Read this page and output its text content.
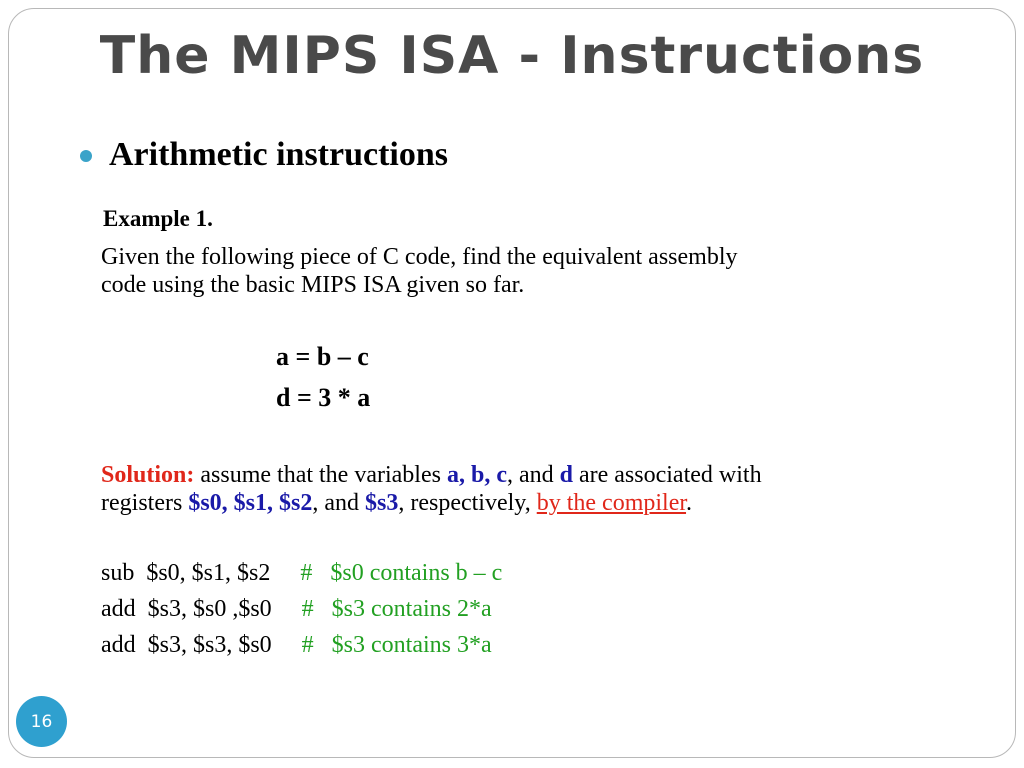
The MIPS ISA - Instructions
Arithmetic instructions
Example 1.
Given the following piece of C code, find the equivalent assembly
code using the basic MIPS ISA given so far.
a = b – c
d = 3 * a
Solution: assume that the variables a, b, c, and d are associated with
registers $s0, $s1, $s2, and $s3, respectively, by the compiler.
sub  $s0, $s1, $s2     #   $s0 contains b – c
add  $s3, $s0 ,$s0     #   $s3 contains 2*a
add  $s3, $s3, $s0     #   $s3 contains 3*a
16
